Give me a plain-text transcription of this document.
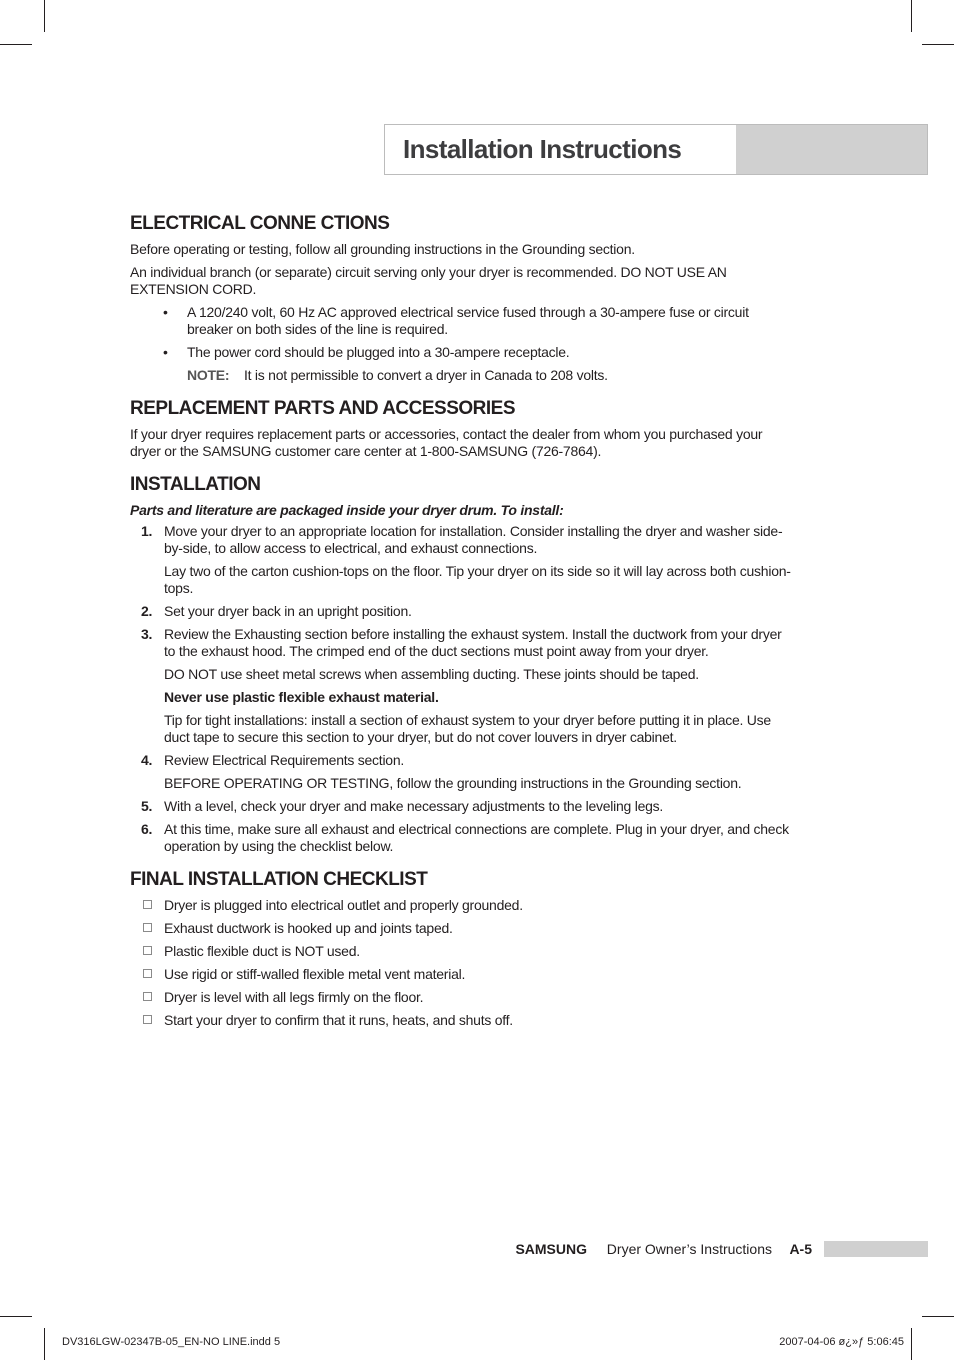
Installation Instructions
ELECTRICAL CONNE CTIONS

Before operating or testing, follow all grounding instructions in the Grounding section.

An individual branch (or separate) circuit serving only your dryer is recommended. DO NOT USE AN EXTENSION CORD.

• A 120/240 volt, 60 Hz AC approved electrical service fused through a 30-ampere fuse or circuit breaker on both sides of the line is required.
• The power cord should be plugged into a 30-ampere receptacle.
NOTE: It is not permissible to convert a dryer in Canada to 208 volts.
REPLACEMENT PARTS AND ACCESSORIES

If your dryer requires replacement parts or accessories, contact the dealer from whom you purchased your dryer or the SAMSUNG customer care center at 1-800-SAMSUNG (726-7864).

INSTALLATION

Parts and literature are packaged inside your dryer drum. To install:

1. Move your dryer to an appropriate location for installation. Consider installing the dryer and washer side-by-side, to allow access to electrical, and exhaust connections.
Lay two of the carton cushion-tops on the floor. Tip your dryer on its side so it will lay across both cushion-tops.
2. Set your dryer back in an upright position.
3. Review the Exhausting section before installing the exhaust system. Install the ductwork from your dryer to the exhaust hood. The crimped end of the duct sections must point away from your dryer.
DO NOT use sheet metal screws when assembling ducting. These joints should be taped.
Never use plastic flexible exhaust material.
Tip for tight installations: install a section of exhaust system to your dryer before putting it in place. Use duct tape to secure this section to your dryer, but do not cover louvers in dryer cabinet.
4. Review Electrical Requirements section.
BEFORE OPERATING OR TESTING, follow the grounding instructions in the Grounding section.
5. With a level, check your dryer and make necessary adjustments to the leveling legs.
6. At this time, make sure all exhaust and electrical connections are complete. Plug in your dryer, and check operation by using the checklist below.
FINAL INSTALLATION CHECKLIST
Dryer is plugged into electrical outlet and properly grounded.
Exhaust ductwork is hooked up and joints taped.
Plastic flexible duct is NOT used.
Use rigid or stiff-walled flexible metal vent material.
Dryer is level with all legs firmly on the floor.
Start your dryer to confirm that it runs, heats, and shuts off.
SAMSUNG Dryer Owner’s Instructions A-5
DV316LGW-02347B-05_EN-NO LINE.indd 5	2007-04-06 ø¿»ƒ 5:06:45
